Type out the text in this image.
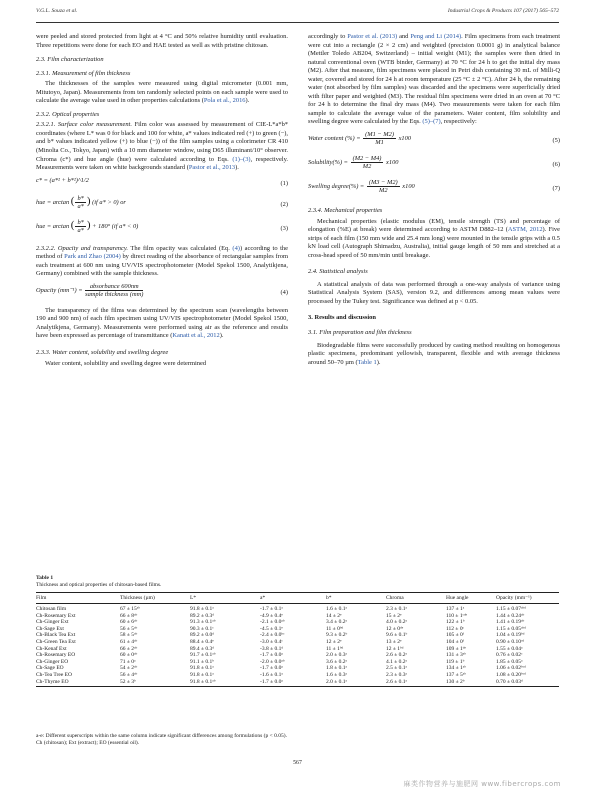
V.G.L. Souza et al.	Industrial Crops & Products 107 (2017) 565–572

were peeled and stored protected from light at 4 °C and 50% relative humidity until evaluation. Three repetitions were done for each EO and HAE tested as well as with pristine chitosan.

2.3. Film characterization
2.3.1. Measurement of film thickness

The thicknesses of the samples were measured using digital micrometer (0.001 mm, Mitutoyo, Japan). Measurements from ten randomly selected points on each sample were used to calculate the average value used in other properties calculations (Pola et al., 2016).

2.3.2. Optical properties

2.3.2.1. Surface color measurement. Film color was assessed by measurement of CIE-L*a*b* coordinates (where L* was 0 for black and 100 for white, a* values indicated red (+) to green (−), and b* values indicated yellow (+) to blue (−)) of the film samples using a colorimeter CR 410 (Minolta Co., Tokyo, Japan) with a 10 mm diameter window, using D65 illuminant/10° observer. Chroma (c*) and hue angle (hue) were calculated according to Eqs. (1)–(3), respectively. Measurements were taken on white backgrounds standard (Pastor et al., 2013).

c* = (a*² + b*²)^1/2	(1)
hue = arctan ( $\frac{b*}{a*}$ ) (if a* > 0) or	(2)
hue = arctan ( $\frac{b*}{a*}$ ) + 180° (if a* < 0)	(3)

2.3.2.2. Opacity and transparency. The film opacity was calculated (Eq. (4)) according to the method of Park and Zhao (2004) by direct reading of the absorbance of rectangular samples from each treatment at 600 nm using UV/VIS spectrophotometer (Model Spekol 1500, Analytikjena, Germany) combined with the sample thickness.

Opacity $(mm^{-1}) = \frac{\text{absorbance 600nm}}{\text{sample thickness (mm)}}$	(4)

The transparency of the films was determined by the spectrum scan (wavelengths between 190 and 900 nm) of each film specimen using UV/VIS spectrophotometer (Model Spekol 1500, Analytikjena, Germany). Measurements were performed using air as the reference and results have been expressed as percentage of transmittance (Kanatt et al., 2012).

2.3.3. Water content, solubility and swelling degree

Water content, solubility and swelling degree were determined

accordingly to Pastor et al. (2013) and Peng and Li (2014). Film specimens from each treatment were cut into a rectangle (2 × 2 cm) and weighted (precision 0.0001 g) in analytical balance (Mettler Toledo AB204, Switzerland) – initial weight (M1); the samples were then dried in natural conventional oven (WTB binder, Germany) at 70 °C for 24 h to get the initial dry mass (M2). After that measure, film specimens were placed in Petri dish containing 30 mL of Milli-Q water, covered and stored for 24 h at room temperature (25 °C ± 2 °C). After 24 h, the remaining water (not absorbed by film samples) was discarded and the specimens were superficially dried with filter paper and weighted (M3). The residual film specimens were dried in an oven at 70 °C for 24 h to determine the final dry mass (M4). Two measurements were taken for each film sample to calculate the average value of the parameters. Water content, film solubility and swelling degree were calculated by the Eqs. (5)–(7), respectively:

Water content (%) = $\frac{(M1 - M2)}{M1} x100$	(5)
Solubility(%) = $\frac{(M2 - M4)}{M2} x100$	(6)
Swelling degree(%) = $\frac{(M3 - M2)}{M2} x100$	(7)
2.3.4. Mechanical properties

Mechanical properties (elastic modulus (EM), tensile strength (TS) and percentage of elongation (%E) at break) were determined according to ASTM D882–12 (ASTM, 2012). Five strips of each film (150 mm wide and 25.4 mm long) were mounted in the tensile grips with a 0.5 kN load cell (Autograph Shimadzu, Australia), initial gauge length of 50 mm and stretched at a cross-head speed of 50 mm/min until breakage.

2.4. Statistical analysis

A statistical analysis of data was performed through a one-way analysis of variance using Statistical Analysis System (SAS), version 9.2, and differences among mean values were processed by the Tukey test. Significance was defined at p < 0.05.

3. Results and discussion
3.1. Film preparation and film thickness

Biodegradable films were successfully produced by casting method resulting on homogenous plastic specimens, predominant yellowish, transparent, flexible and with average thickness around 50–70 µm (Table 1).

Table 1
Thickness and optical properties of chitosan-based films.
Film	Thickness (µm)	L*	a*	b*	Chroma	Hue angle	Opacity (mm⁻¹)
Chitosan film	67 ± 15ᵃᵇ	91.8 ± 0.1ᵃ	-1.7 ± 0.1ᵃ	1.6 ± 0.1ᵃ	2.3 ± 0.1ᵃ	137 ± 1ᵃ	1.15 ± 0.07ᵃᵇᵈ
Ch-Rosemary Ext	66 ± 8ᵃᵇ	89.2 ± 0.3ᵈ	-4.9 ± 0.4ᵉ	14 ± 2ᵉ	15 ± 2ᵉ	110 ± 1ᶜᵈᵉ	1.44 ± 0.24ᵃᵇ
Ch-Ginger Ext	60 ± 6ᵃᵇ	91.3 ± 0.1ᵃᵇ	-2.1 ± 0.0ᵃᵇ	3.4 ± 0.2ᵃ	4.0 ± 0.2ᵃ	122 ± 1ᵇ	1.41 ± 0.19ᵃᵇ
Ch-Sage Ext	56 ± 5ᵃᵇ	90.3 ± 0.1ᶜ	-4.5 ± 0.1ᵉ	11 ± 0ᵇᵈ	12 ± 0ᵈᵉ	112 ± 0ᶜ	1.15 ± 0.05ᵃᵇᵈ
Ch-Black Tea Ext	58 ± 5ᵃᵇ	89.2 ± 0.0ᵈ	-2.4 ± 0.0ᵇᶜ	9.3 ± 0.2ᵇ	9.6 ± 0.1ᵇ	105 ± 0ᶠ	1.04 ± 0.19ᵇᵈ
Ch-Green Tea Ext	61 ± 4ᵃᵇ	88.4 ± 0.4ᵉ	-3.0 ± 0.4ᶜ	12 ± 2ᵉ	13 ± 2ᵉ	104 ± 0ᶠ	0.90 ± 0.10ᶜᵈ
Ch-Kenaf Ext	66 ± 2ᵃᵇ	89.4 ± 0.3ᵈ	-3.8 ± 0.1ᵈ	11 ± 1ᵇᵈ	12 ± 1ᵇᵈ	109 ± 1ᵈᵉ	1.55 ± 0.04ᵃ
Ch-Rosemary EO	60 ± 0ᵃᵇ	91.7 ± 0.1ᵃᵇ	-1.7 ± 0.0ᵃ	2.0 ± 0.3ᵃ	2.6 ± 0.2ᵃ	131 ± 3ᵃᵇ	0.76 ± 0.02ᶜ
Ch-Ginger EO	71 ± 0ᵃ	91.1 ± 0.1ᵇ	-2.0 ± 0.0ᵃᵇ	3.6 ± 0.2ᵃ	4.1 ± 0.2ᵃ	119 ± 1ᵇ	1.85 ± 0.05ᵃ
Ch-Sage EO	54 ± 2ᵃᵇ	91.8 ± 0.1ᵃ	-1.7 ± 0.0ᵃ	1.8 ± 0.1ᵃ	2.5 ± 0.1ᵃ	134 ± 1ᵃᵇ	1.06 ± 0.02ᵇᶜᵈ
Ch-Tea Tree EO	56 ± 4ᵃᵇ	91.8 ± 0.1ᵃ	-1.6 ± 0.1ᵃ	1.6 ± 0.3ᵃ	2.3 ± 0.3ᵃ	137 ± 5ᵃᵇ	1.08 ± 0.20ᵇᶜᵈ
Ch-Thyme EO	52 ± 3ᵇ	91.8 ± 0.1ᵃᵇ	-1.7 ± 0.0ᵃ	2.0 ± 0.1ᵃ	2.6 ± 0.1ᵃ	130 ± 2ᵇ	0.70 ± 0.03ᵈ
a-e: Different superscripts within the same column indicate significant differences among formulations (p < 0.05).
Ch (chitosan); Ext (extract); EO (essential oil).
567
麻类作物营养与施肥网 www.fibercrops.com
